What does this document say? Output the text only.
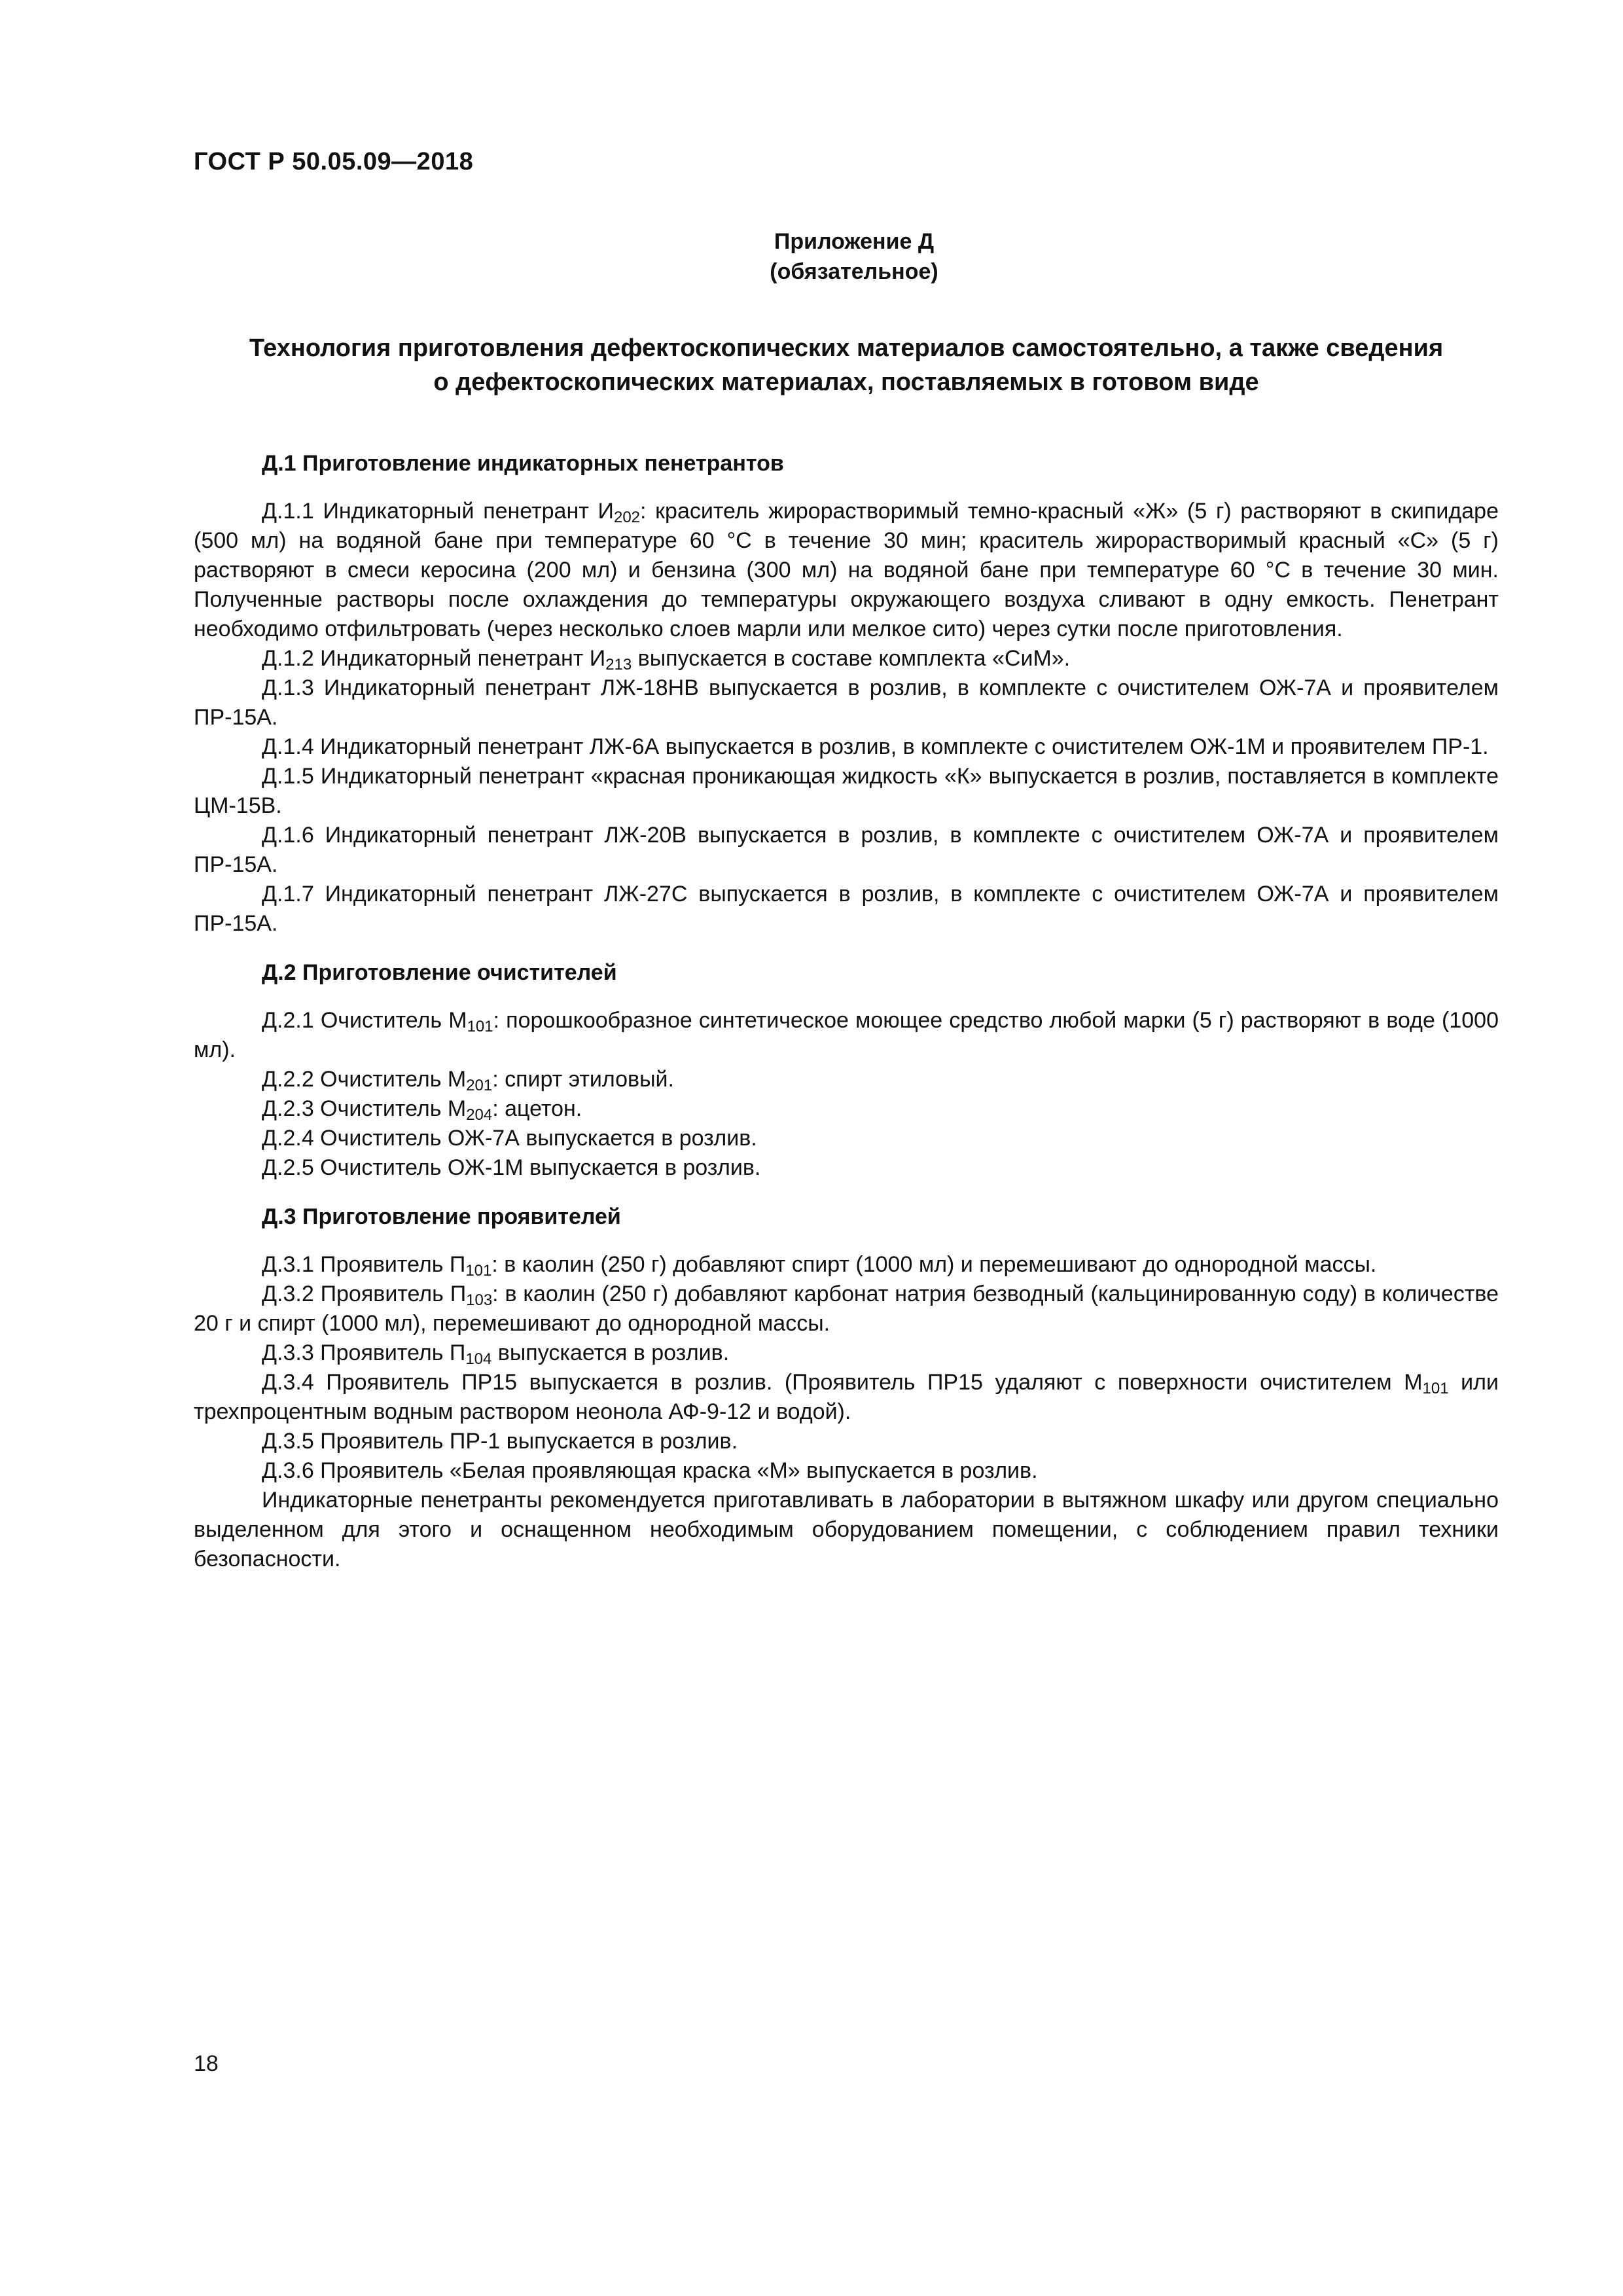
ГОСТ Р 50.05.09—2018
Приложение Д
(обязательное)
Технология приготовления дефектоскопических материалов самостоятельно, а также сведения
о дефектоскопических материалах, поставляемых в готовом виде

Д.1 Приготовление индикаторных пенетрантов

Д.1.1 Индикаторный пенетрант $И_{202}$: краситель жирорастворимый темно-красный «Ж» (5 г) растворяют в скипидаре (500 мл) на водяной бане при температуре 60 °С в течение 30 мин; краситель жирорастворимый красный «С» (5 г) растворяют в смеси керосина (200 мл) и бензина (300 мл) на водяной бане при температуре 60 °С в течение 30 мин. Полученные растворы после охлаждения до температуры окружающего воздуха сливают в одну емкость. Пенетрант необходимо отфильтровать (через несколько слоев марли или мелкое сито) через сутки после приготовления.

Д.1.2 Индикаторный пенетрант $И_{213}$ выпускается в составе комплекта «СиМ».

Д.1.3 Индикаторный пенетрант ЛЖ-18НВ выпускается в розлив, в комплекте с очистителем ОЖ-7А и проявителем ПР-15А.

Д.1.4 Индикаторный пенетрант ЛЖ-6А выпускается в розлив, в комплекте с очистителем ОЖ-1М и проявителем ПР-1.

Д.1.5 Индикаторный пенетрант «красная проникающая жидкость «К» выпускается в розлив, поставляется в комплекте ЦМ-15В.

Д.1.6 Индикаторный пенетрант ЛЖ-20В выпускается в розлив, в комплекте с очистителем ОЖ-7А и проявителем ПР-15А.

Д.1.7 Индикаторный пенетрант ЛЖ-27С выпускается в розлив, в комплекте с очистителем ОЖ-7А и проявителем ПР-15А.

Д.2 Приготовление очистителей

Д.2.1 Очиститель $М_{101}$: порошкообразное синтетическое моющее средство любой марки (5 г) растворяют в воде (1000 мл).

Д.2.2 Очиститель $М_{201}$: спирт этиловый.

Д.2.3 Очиститель $М_{204}$: ацетон.

Д.2.4 Очиститель ОЖ-7А выпускается в розлив.

Д.2.5 Очиститель ОЖ-1М выпускается в розлив.

Д.3 Приготовление проявителей

Д.3.1 Проявитель $П_{101}$: в каолин (250 г) добавляют спирт (1000 мл) и перемешивают до однородной массы.

Д.3.2 Проявитель $П_{103}$: в каолин (250 г) добавляют карбонат натрия безводный (кальцинированную соду) в количестве 20 г и спирт (1000 мл), перемешивают до однородной массы.

Д.3.3 Проявитель $П_{104}$ выпускается в розлив.

Д.3.4 Проявитель ПР15 выпускается в розлив. (Проявитель ПР15 удаляют с поверхности очистителем $М_{101}$ или трехпроцентным водным раствором неонола АФ-9-12 и водой).

Д.3.5 Проявитель ПР-1 выпускается в розлив.

Д.3.6 Проявитель «Белая проявляющая краска «М» выпускается в розлив.

Индикаторные пенетранты рекомендуется приготавливать в лаборатории в вытяжном шкафу или другом специально выделенном для этого и оснащенном необходимым оборудованием помещении, с соблюдением правил техники безопасности.

18
